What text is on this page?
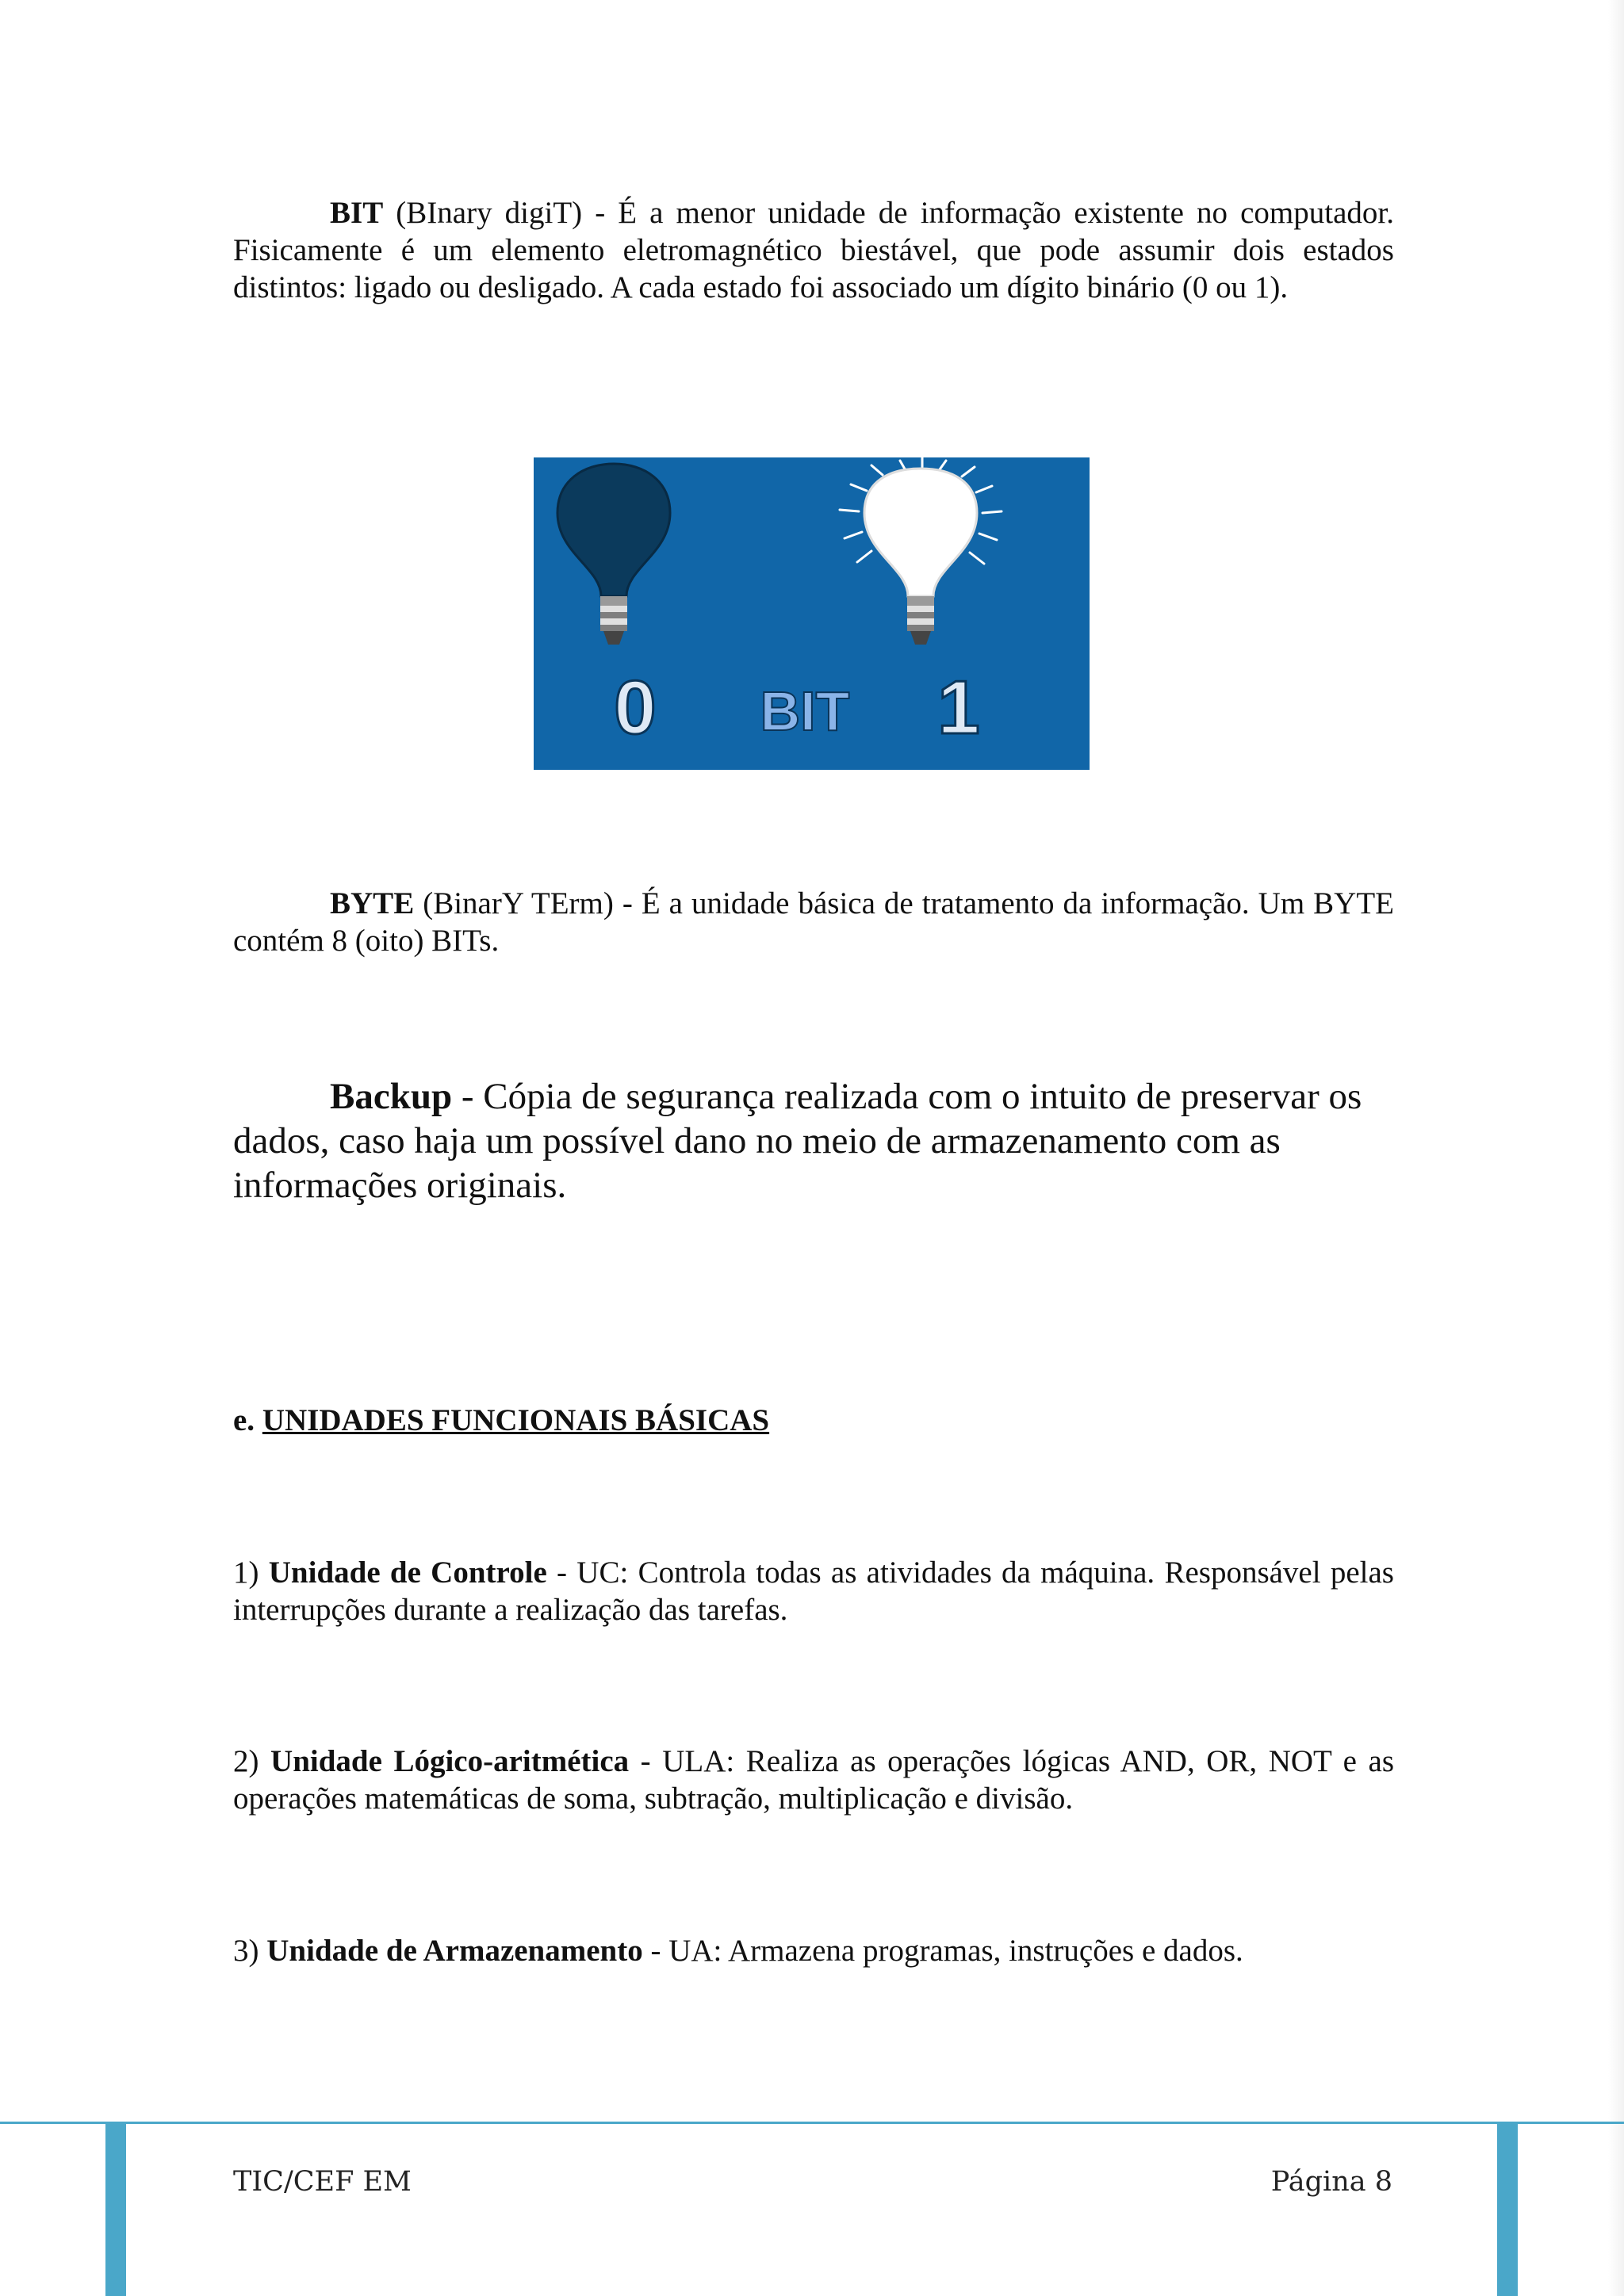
BIT (BInary digiT) - É a menor unidade de informação existente no computador. Fisicamente é um elemento eletromagnético biestável, que pode assumir dois estados distintos: ligado ou desligado. A cada estado foi associado um dígito binário (0 ou 1).

0 BIT 1

BYTE (BinarY TErm) - É a unidade básica de tratamento da informação. Um BYTE contém 8 (oito) BITs.

Backup - Cópia de segurança realizada com o intuito de preservar os dados, caso haja um possível dano no meio de armazenamento com as informações originais.

e. UNIDADES FUNCIONAIS BÁSICAS

1) Unidade de Controle - UC: Controla todas as atividades da máquina. Responsável pelas interrupções durante a realização das tarefas.

2) Unidade Lógico-aritmética - ULA: Realiza as operações lógicas AND, OR, NOT e as operações matemáticas de soma, subtração, multiplicação e divisão.

3) Unidade de Armazenamento - UA: Armazena programas, instruções e dados.

TIC/CEF EM	Página 8
